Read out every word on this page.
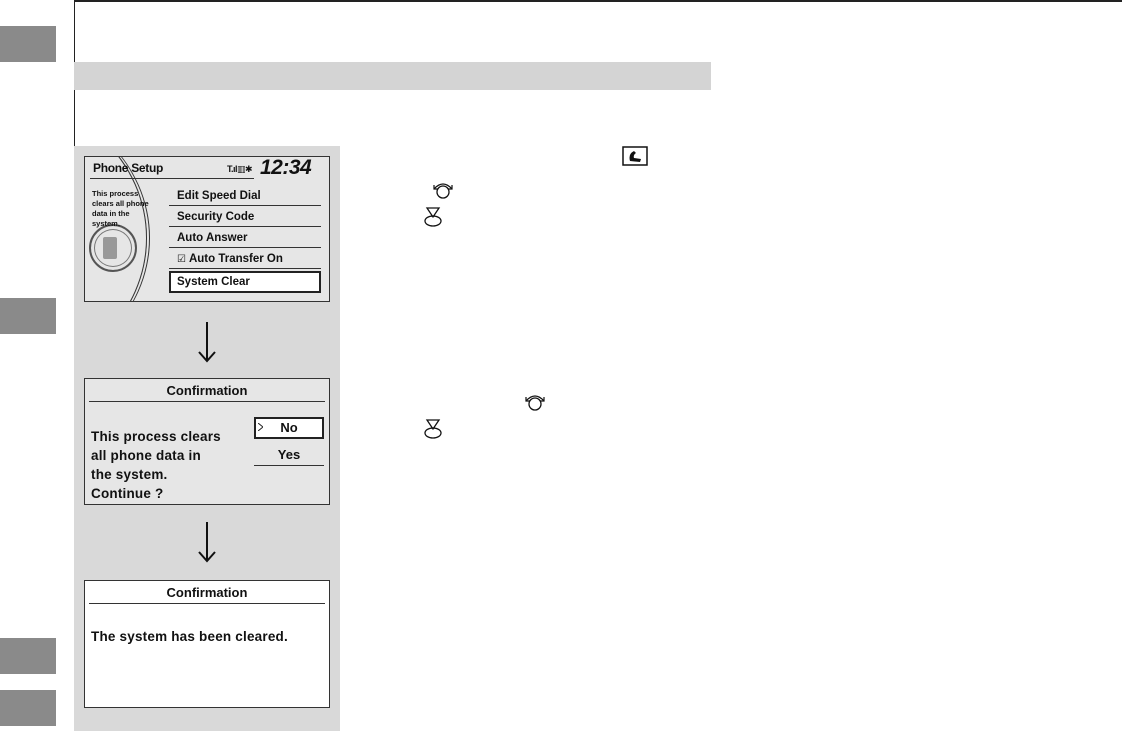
Phone Setup	T.ıl▥✱ 12:34
This process clears all phone data in the system.
Edit Speed Dial
Security Code
Auto Answer
☑ Auto Transfer On
System Clear
Confirmation
This process clears
all phone data in
the system.
Continue ?
No
Yes
Confirmation
The system has been cleared.
